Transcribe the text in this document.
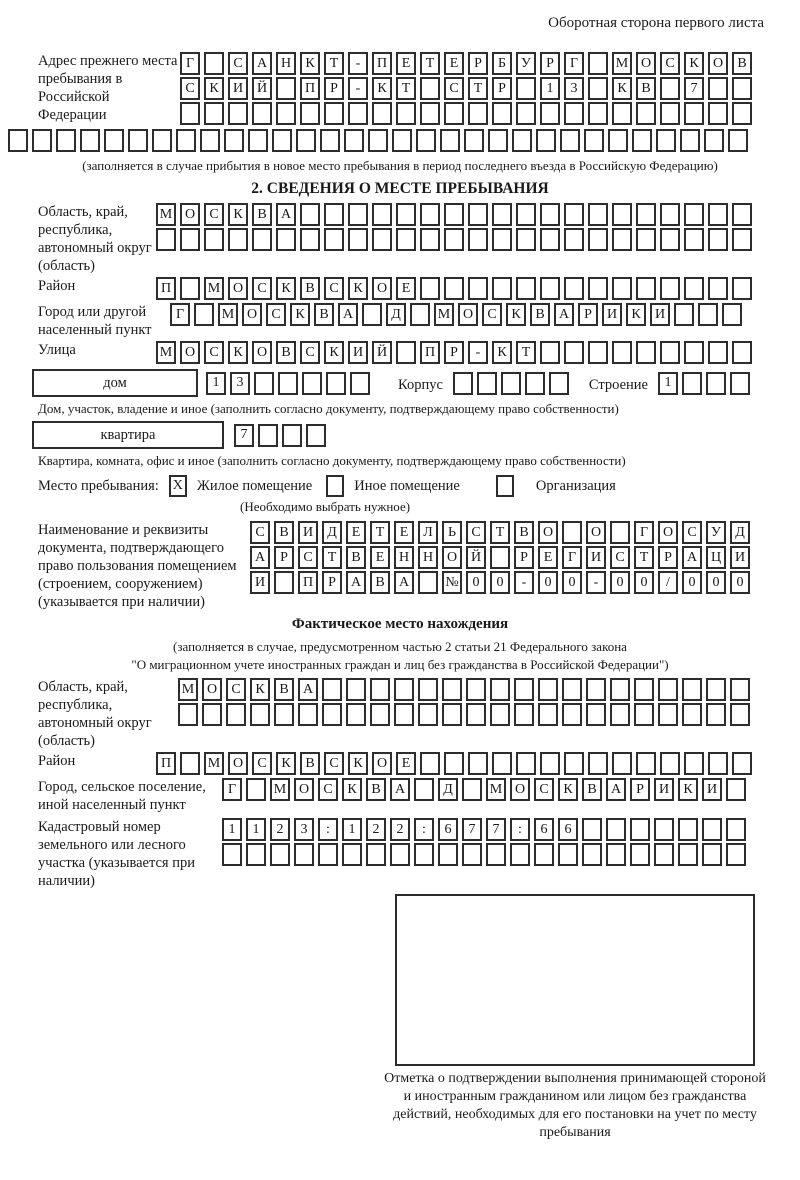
Оборотная сторона первого листа
Адрес прежнего места пребывания в Российской Федерации
Г	С	А Н	К	Т	-	П	Е	Т	Е	Р	Б	У	Р	Г	М О	С	К	О	В
С	К	И Й	П	Р	-	К	Т	С	Т	Р	1	3	К	В	7
(заполняется в случае прибытия в новое место пребывания в период последнего въезда в Российскую Федерацию)
2. СВЕДЕНИЯ О МЕСТЕ ПРЕБЫВАНИЯ
Область, край, республика, автономный округ (область)
М О	С	К	В	А
Район	П	М О	С	К	В	С	К	О	Е
Город или другой населенный пункт
Г	М О	С	К	В	А	Д	М О	С	К	В	А	Р	И	К	И
Улица	М О	С	К	О	В	С	К	И Й	П	Р	-	К	Т
дом	1	3	Корпус	Строение	1
Дом, участок, владение и иное (заполнить согласно документу, подтверждающему право собственности)
квартира	7
Квартира, комната, офис и иное (заполнить согласно документу, подтверждающему право собственности)
Место пребывания: X Жилое помещение	Иное помещение	Организация
(Необходимо выбрать нужное)
Наименование и реквизиты документа, подтверждающего право пользования помещением (строением, сооружением) (указывается при наличии)
С	В	И	Д	Е	Т	Е	Л	Ь	С	Т	В	О	О	Г	О	С	У	Д
А	Р	С	Т	В	Е	Н Н О Й	Р	Е	Г	И	С	Т	Р	А Ц И
И	П	Р	А	В	А	№ 0	0	-	0	0	-	0	0	/	0	0	0
Фактическое место нахождения
(заполняется в случае, предусмотренном частью 2 статьи 21 Федерального закона
"О миграционном учете иностранных граждан и лиц без гражданства в Российской Федерации")
Область, край, республика, автономный округ (область)
М О	С	К	В	А
Район	П	М О	С	К	В	С	К	О	Е
Город, сельское поселение, иной населенный пункт
Г	М О	С	К	В	А	Д	М О	С	К	В	А	Р	И	К	И
Кадастровый номер земельного или лесного участка (указывается при наличии)
1	1	2	3	:	1	2	2	:	6	7	7	:	6	6
Отметка о подтверждении выполнения принимающей стороной и иностранным гражданином или лицом без гражданства действий, необходимых для его постановки на учет по месту пребывания
